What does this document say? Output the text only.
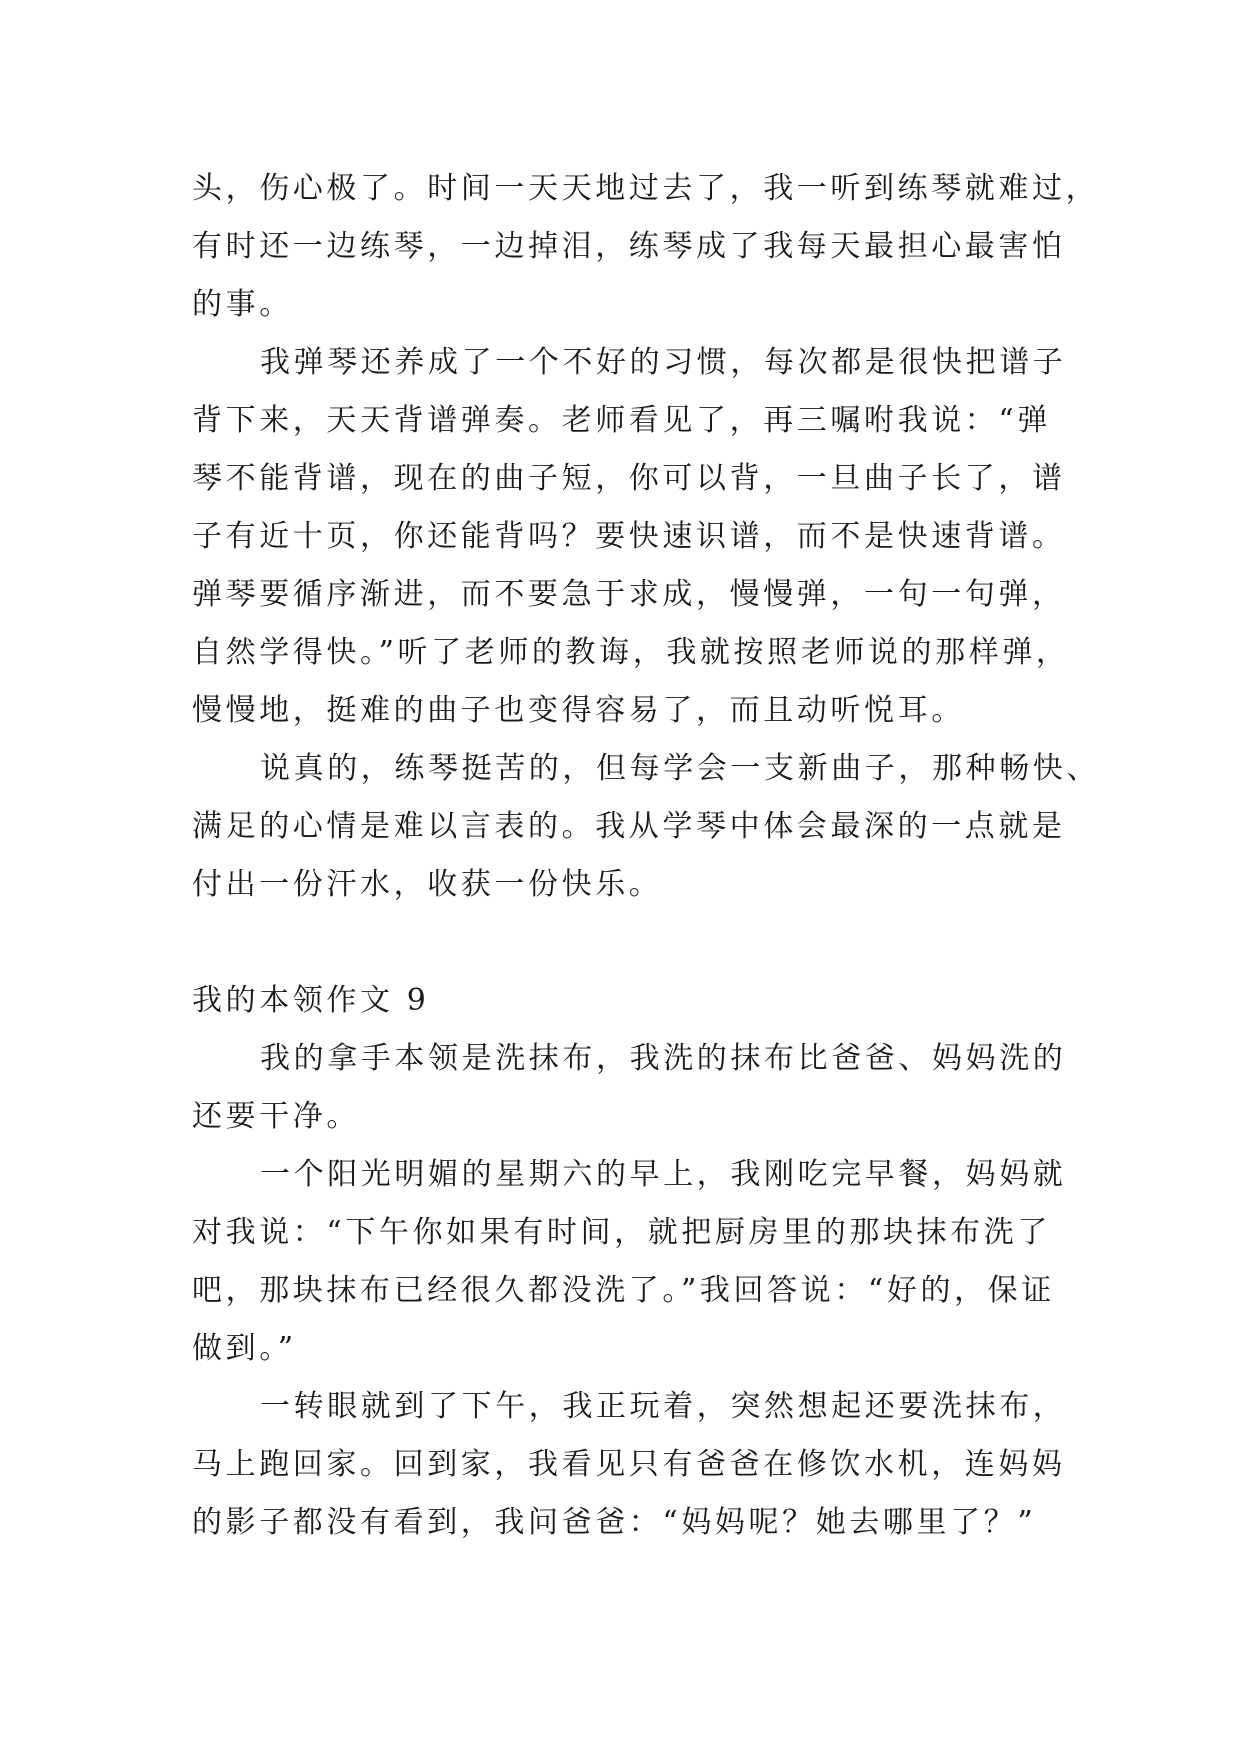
头，伤心极了。时间一天天地过去了，我一听到练琴就难过，
有时还一边练琴，一边掉泪，练琴成了我每天最担心最害怕
的事。
我弹琴还养成了一个不好的习惯，每次都是很快把谱子
背下来，天天背谱弹奏。老师看见了，再三嘱咐我说：“弹
琴不能背谱，现在的曲子短，你可以背，一旦曲子长了，谱
子有近十页，你还能背吗？要快速识谱，而不是快速背谱。
弹琴要循序渐进，而不要急于求成，慢慢弹，一句一句弹，
自然学得快。”听了老师的教诲，我就按照老师说的那样弹，
慢慢地，挺难的曲子也变得容易了，而且动听悦耳。
说真的，练琴挺苦的，但每学会一支新曲子，那种畅快、
满足的心情是难以言表的。我从学琴中体会最深的一点就是
付出一份汗水，收获一份快乐。
我的本领作文 9
我的拿手本领是洗抹布，我洗的抹布比爸爸、妈妈洗的
还要干净。
一个阳光明媚的星期六的早上，我刚吃完早餐，妈妈就
对我说：“下午你如果有时间，就把厨房里的那块抹布洗了
吧，那块抹布已经很久都没洗了。”我回答说：“好的，保证
做到。”
一转眼就到了下午，我正玩着，突然想起还要洗抹布，
马上跑回家。回到家，我看见只有爸爸在修饮水机，连妈妈
的影子都没有看到，我问爸爸：“妈妈呢？她去哪里了？”
